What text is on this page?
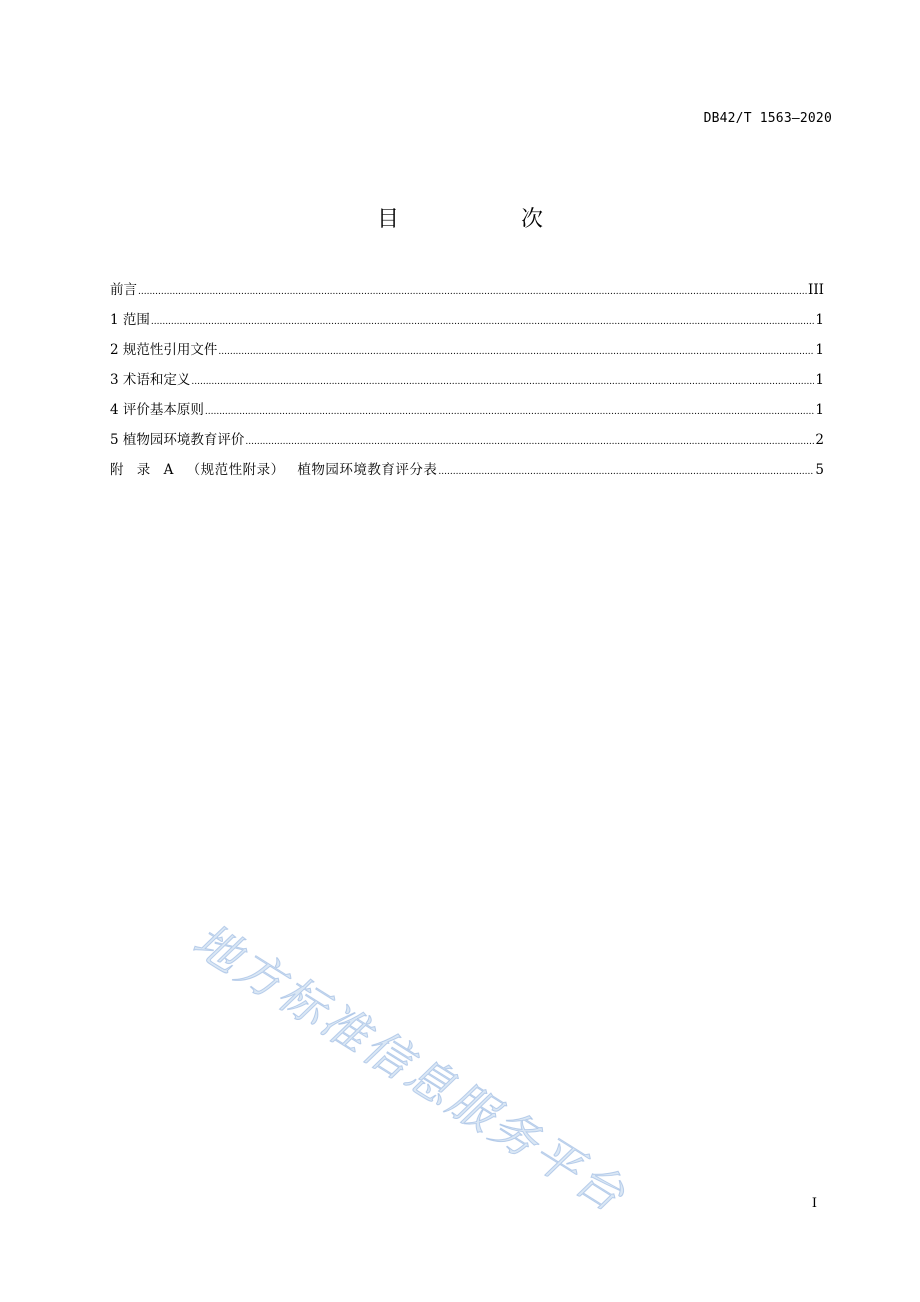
DB42/T 1563—2020
目　次
前言 .....	III
1 范围 .....	1
2 规范性引用文件 .....	1
3 术语和定义 .....	1
4 评价基本原则 .....	1
5 植物园环境教育评价 .....	2
附 录 A （规范性附录） 植物园环境教育评分表 .....	5
地方标准信息服务平台	I
